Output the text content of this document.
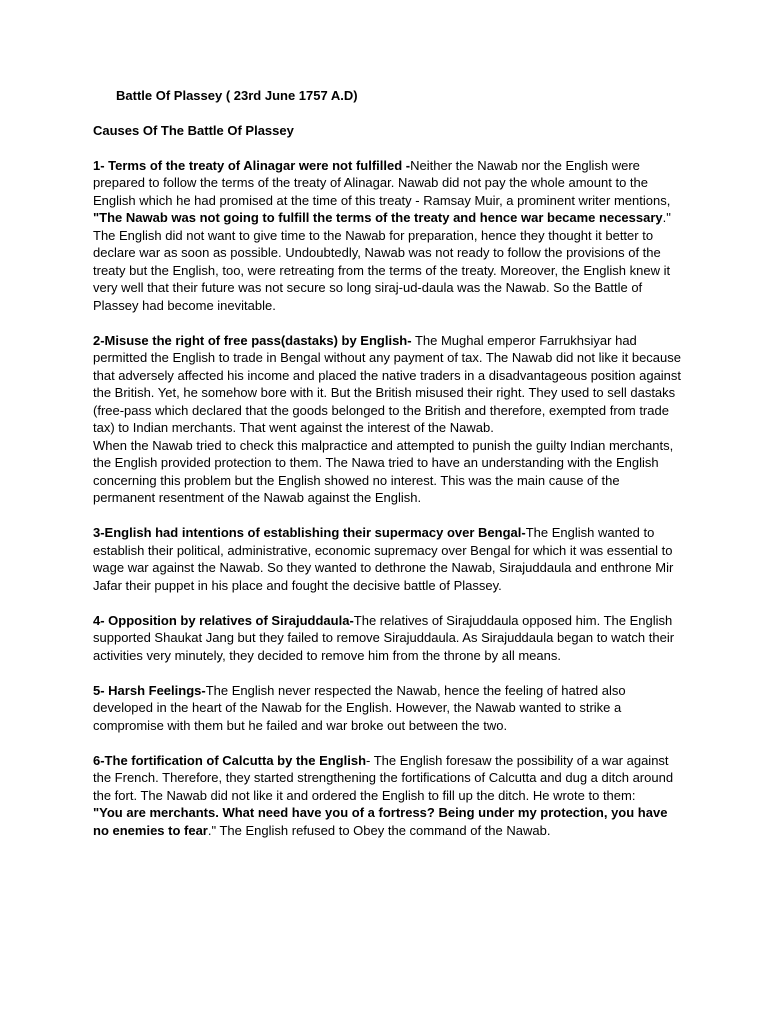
Battle Of Plassey ( 23rd June 1757 A.D)
Causes Of The Battle Of Plassey

1- Terms of the treaty of Alinagar were not fulfilled -Neither the Nawab nor the English were prepared to follow the terms of the treaty of Alinagar. Nawab did not pay the whole amount to the English which he had promised at the time of this treaty - Ramsay Muir, a prominent writer mentions, "The Nawab was not going to fulfill the terms of the treaty and hence war became necessary."

The English did not want to give time to the Nawab for preparation, hence they thought it better to declare war as soon as possible. Undoubtedly, Nawab was not ready to follow the provisions of the treaty but the English, too, were retreating from the terms of the treaty. Moreover, the English knew it very well that their future was not secure so long siraj-ud-daula was the Nawab. So the Battle of Plassey had become inevitable.

2-Misuse the right of free pass(dastaks) by English- The Mughal emperor Farrukhsiyar had permitted the English to trade in Bengal without any payment of tax. The Nawab did not like it because that adversely affected his income and placed the native traders in a disadvantageous position against the British. Yet, he somehow bore with it. But the British misused their right. They used to sell dastaks (free-pass which declared that the goods belonged to the British and therefore, exempted from trade tax) to Indian merchants. That went against the interest of the Nawab.

When the Nawab tried to check this malpractice and attempted to punish the guilty Indian merchants, the English provided protection to them. The Nawa tried to have an understanding with the English concerning this problem but the English showed no interest. This was the main cause of the permanent resentment of the Nawab against the English.

3-English had intentions of establishing their supermacy over Bengal-The English wanted to establish their political, administrative, economic supremacy over Bengal for which it was essential to wage war against the Nawab. So they wanted to dethrone the Nawab, Sirajuddaula and enthrone Mir Jafar their puppet in his place and fought the decisive battle of Plassey.

4- Opposition by relatives of Sirajuddaula-The relatives of Sirajuddaula opposed him. The English supported Shaukat Jang but they failed to remove Sirajuddaula. As Sirajuddaula began to watch their activities very minutely, they decided to remove him from the throne by all means.

5- Harsh Feelings-The English never respected the Nawab, hence the feeling of hatred also developed in the heart of the Nawab for the English. However, the Nawab wanted to strike a compromise with them but he failed and war broke out between the two.

6-The fortification of Calcutta by the English- The English foresaw the possibility of a war against the French. Therefore, they started strengthening the fortifications of Calcutta and dug a ditch around the fort. The Nawab did not like it and ordered the English to fill up the ditch. He wrote to them:

"You are merchants. What need have you of a fortress? Being under my protection, you have no enemies to fear." The English refused to Obey the command of the Nawab.
